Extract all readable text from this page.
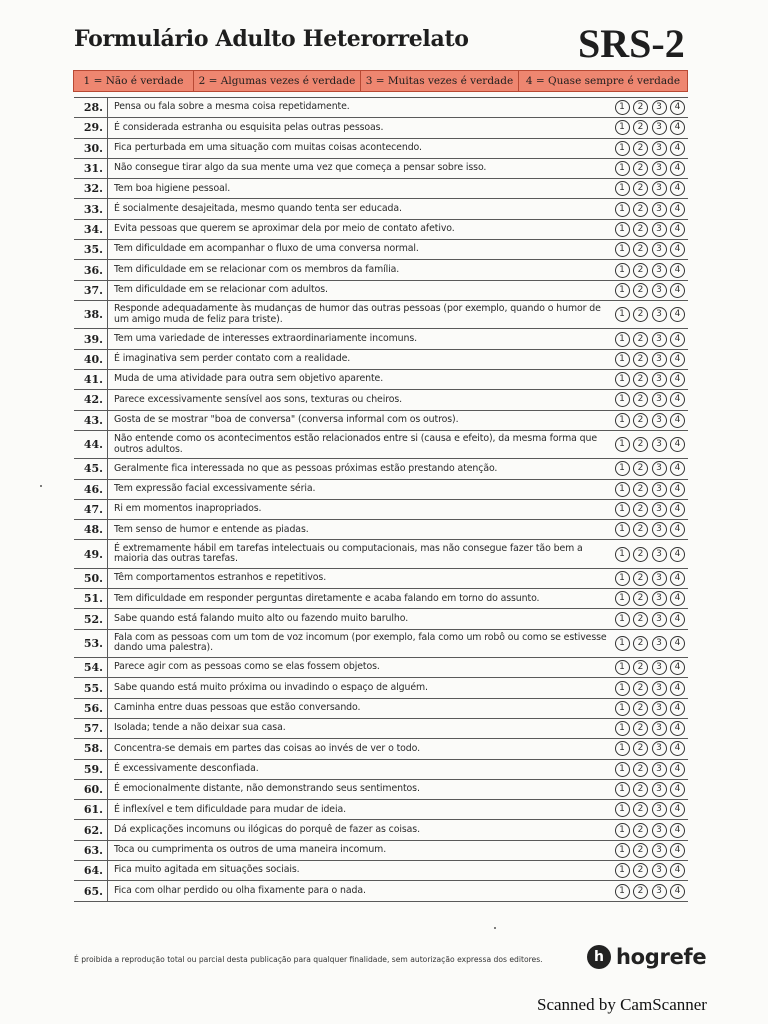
Formulário Adulto Heterorrelato	SRS-2
1 = Não é verdade	2 = Algumas vezes é verdade 3 = Muitas vezes é verdade	4 = Quase sempre é verdade
28.	Pensa ou fala sobre a mesma coisa repetidamente.	1	2	3	4
29.	É considerada estranha ou esquisita pelas outras pessoas.	1	2	3	4
30.	Fica perturbada em uma situação com muitas coisas acontecendo.	1	2	3	4
31.	Não consegue tirar algo da sua mente uma vez que começa a pensar sobre isso.	1	2	3	4
32.	Tem boa higiene pessoal.	1	2	3	4
33.	É socialmente desajeitada, mesmo quando tenta ser educada.	1	2	3	4
34.	Evita pessoas que querem se aproximar dela por meio de contato afetivo.	1	2	3	4
35.	Tem dificuldade em acompanhar o fluxo de uma conversa normal.	1	2	3	4
36.	Tem dificuldade em se relacionar com os membros da família.	1	2	3	4
37.	Tem dificuldade em se relacionar com adultos.	1	2	3	4
38.	Responde adequadamente às mudanças de humor das outras pessoas (por exemplo, quando o humor de um amigo muda de feliz para triste).	1	2	3	4
39.	Tem uma variedade de interesses extraordinariamente incomuns.	1	2	3	4
40.	É imaginativa sem perder contato com a realidade.	1	2	3	4
41.	Muda de uma atividade para outra sem objetivo aparente.	1	2	3	4
42.	Parece excessivamente sensível aos sons, texturas ou cheiros.	1	2	3	4
43.	Gosta de se mostrar "boa de conversa" (conversa informal com os outros).	1	2	3	4
44.	Não entende como os acontecimentos estão relacionados entre si (causa e efeito), da mesma forma que outros adultos.	1	2	3	4
45.	Geralmente fica interessada no que as pessoas próximas estão prestando atenção.	1	2	3	4
46.	Tem expressão facial excessivamente séria.	1	2	3	4
47.	Ri em momentos inapropriados.	1	2	3	4
48.	Tem senso de humor e entende as piadas.	1	2	3	4
49.	É extremamente hábil em tarefas intelectuais ou computacionais, mas não consegue fazer tão bem a maioria das outras tarefas.	1	2	3	4
50.	Têm comportamentos estranhos e repetitivos.	1	2	3	4
51.	Tem dificuldade em responder perguntas diretamente e acaba falando em torno do assunto.	1	2	3	4
52.	Sabe quando está falando muito alto ou fazendo muito barulho.	1	2	3	4
53.	Fala com as pessoas com um tom de voz incomum (por exemplo, fala como um robô ou como se estivesse dando uma palestra).	1	2	3	4
54.	Parece agir com as pessoas como se elas fossem objetos.	1	2	3	4
55.	Sabe quando está muito próxima ou invadindo o espaço de alguém.	1	2	3	4
56.	Caminha entre duas pessoas que estão conversando.	1	2	3	4
57.	Isolada; tende a não deixar sua casa.	1	2	3	4
58.	Concentra-se demais em partes das coisas ao invés de ver o todo.	1	2	3	4
59.	É excessivamente desconfiada.	1	2	3	4
60.	É emocionalmente distante, não demonstrando seus sentimentos.	1	2	3	4
61.	É inflexível e tem dificuldade para mudar de ideia.	1	2	3	4
62.	Dá explicações incomuns ou ilógicas do porquê de fazer as coisas.	1	2	3	4
63.	Toca ou cumprimenta os outros de uma maneira incomum.	1	2	3	4
64.	Fica muito agitada em situações sociais.	1	2	3	4
65.	Fica com olhar perdido ou olha fixamente para o nada.	1	2	3	4
É proibida a reprodução total ou parcial desta publicação para qualquer finalidade, sem autorização expressa dos editores.	h hogrefe
Scanned by CamScanner
